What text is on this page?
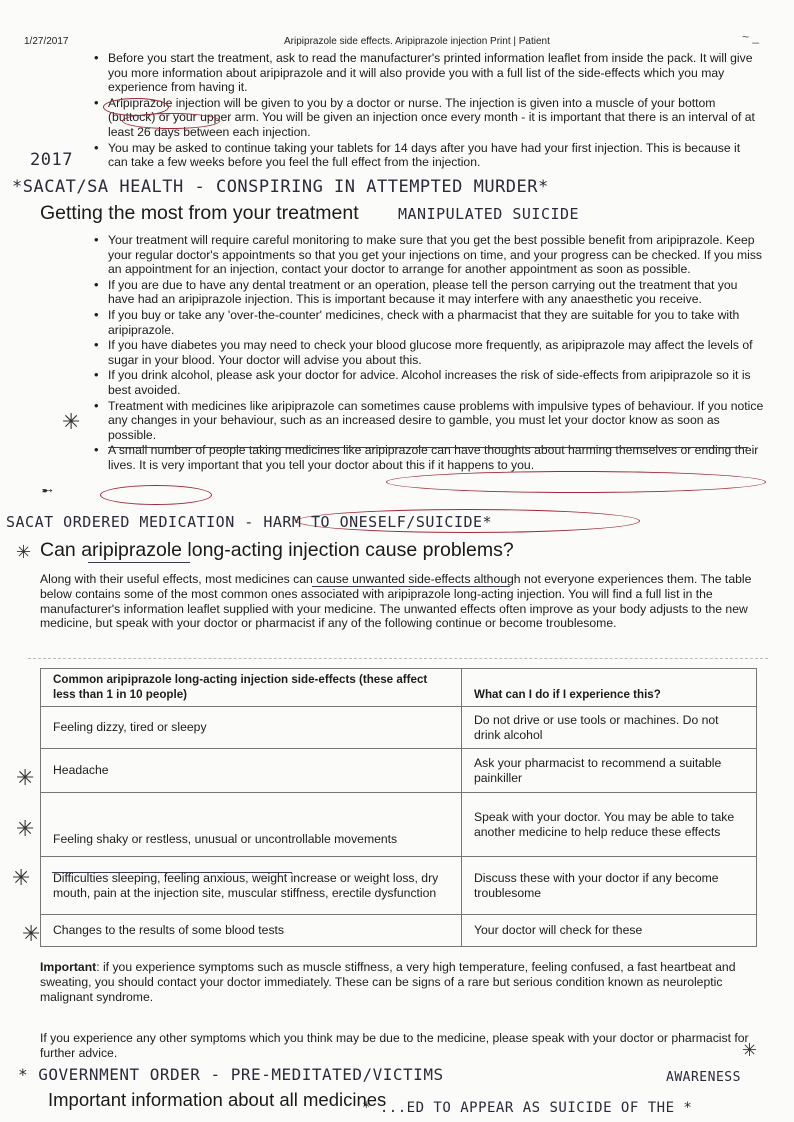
1/27/2017	Aripiprazole side effects. Aripiprazole injection Print | Patient	~ _
• Before you start the treatment, ask to read the manufacturer's printed information leaflet from inside the pack. It will give you more information about aripiprazole and it will also provide you with a full list of the side-effects which you may experience from having it.
• Aripiprazole injection will be given to you by a doctor or nurse. The injection is given into a muscle of your bottom (buttock) or your upper arm. You will be given an injection once every month - it is important that there is an interval of at least 26 days between each injection.
• You may be asked to continue taking your tablets for 14 days after you have had your first injection. This is because it can take a few weeks before you feel the full effect from the injection.
2017
*SACAT/SA HEALTH - CONSPIRING IN ATTEMPTED MURDER*
Getting the most from your treatment	MANIPULATED SUICIDE
• Your treatment will require careful monitoring to make sure that you get the best possible benefit from aripiprazole. Keep your regular doctor's appointments so that you get your injections on time, and your progress can be checked. If you miss an appointment for an injection, contact your doctor to arrange for another appointment as soon as possible.
• If you are due to have any dental treatment or an operation, please tell the person carrying out the treatment that you have had an aripiprazole injection. This is important because it may interfere with any anaesthetic you receive.
• If you buy or take any 'over-the-counter' medicines, check with a pharmacist that they are suitable for you to take with aripiprazole.
• If you have diabetes you may need to check your blood glucose more frequently, as aripiprazole may affect the levels of sugar in your blood. Your doctor will advise you about this.
• If you drink alcohol, please ask your doctor for advice. Alcohol increases the risk of side-effects from aripiprazole so it is best avoided.
• Treatment with medicines like aripiprazole can sometimes cause problems with impulsive types of behaviour. If you notice any changes in your behaviour, such as an increased desire to gamble, you must let your doctor know as soon as possible.
• A small number of people taking medicines like aripiprazole can have thoughts about harming themselves or ending their lives. It is very important that you tell your doctor about this if it happens to you.
✳
➸
SACAT ORDERED MEDICATION - HARM TO ONESELF/SUICIDE*
✳ Can aripiprazole long-acting injection cause problems?

Along with their useful effects, most medicines can cause unwanted side-effects although not everyone experiences them. The table below contains some of the most common ones associated with aripiprazole long-acting injection. You will find a full list in the manufacturer's information leaflet supplied with your medicine. The unwanted effects often improve as your body adjusts to the new medicine, but speak with your doctor or pharmacist if any of the following continue or become troublesome.

Common aripiprazole long-acting injection side-effects (these affect less than 1 in 10 people)	What can I do if I experience this?
Feeling dizzy, tired or sleepy	Do not drive or use tools or machines. Do not drink alcohol
Headache	Ask your pharmacist to recommend a suitable painkiller
Feeling shaky or restless, unusual or uncontrollable movements	Speak with your doctor. You may be able to take another medicine to help reduce these effects
Difficulties sleeping, feeling anxious, weight increase or weight loss, dry mouth, pain at the injection site, muscular stiffness, erectile dysfunction	Discuss these with your doctor if any become troublesome
Changes to the results of some blood tests	Your doctor will check for these
✳
✳
✳
✳

Important: if you experience symptoms such as muscle stiffness, a very high temperature, feeling confused, a fast heartbeat and sweating, you should contact your doctor immediately. These can be signs of a rare but serious condition known as neuroleptic malignant syndrome.

If you experience any other symptoms which you think may be due to the medicine, please speak with your doctor or pharmacist for further advice.

* GOVERNMENT ORDER - PRE-MEDITATED/VICTIMS	AWARENESS
✳
Important information about all medicines
* ...ED TO APPEAR AS SUICIDE OF THE *
